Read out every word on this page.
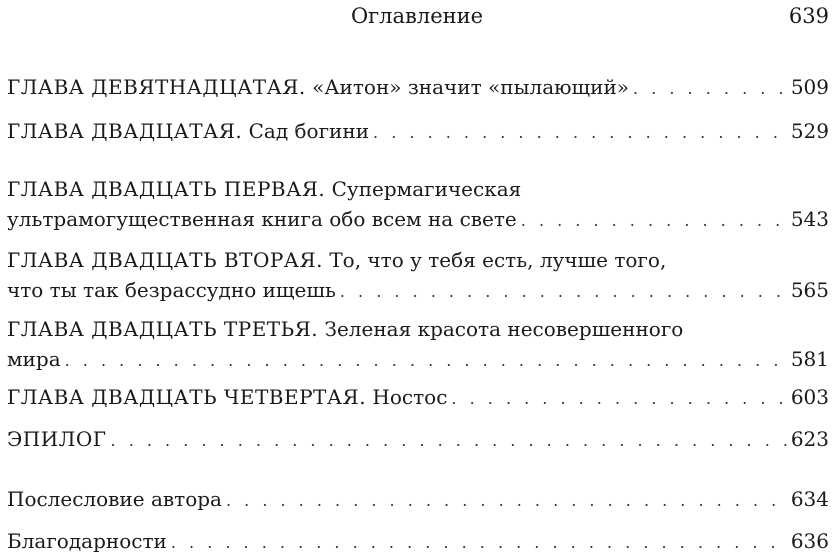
Оглавление	639
ГЛАВА ДЕВЯТНАДЦАТАЯ.
«Аитон» значит «пылающий» . . .	509
ГЛАВА ДВАДЦАТАЯ.
Сад богини . . .	529
ГЛАВА ДВАДЦАТЬ ПЕРВАЯ.
Супермагическая
ультрамогущественная книга обо всем на свете . . .	543
ГЛАВА ДВАДЦАТЬ ВТОРАЯ.
То, что у тебя есть, лучше того,
что ты так безрассудно ищешь . . .	565
ГЛАВА ДВАДЦАТЬ ТРЕТЬЯ.
Зеленая красота несовершенного
мира . . .	581
ГЛАВА ДВАДЦАТЬ ЧЕТВЕРТАЯ.
Ностос . . .	603
ЭПИЛОГ . . .	623
Послесловие автора . . .	634
Благодарности . . .	636
